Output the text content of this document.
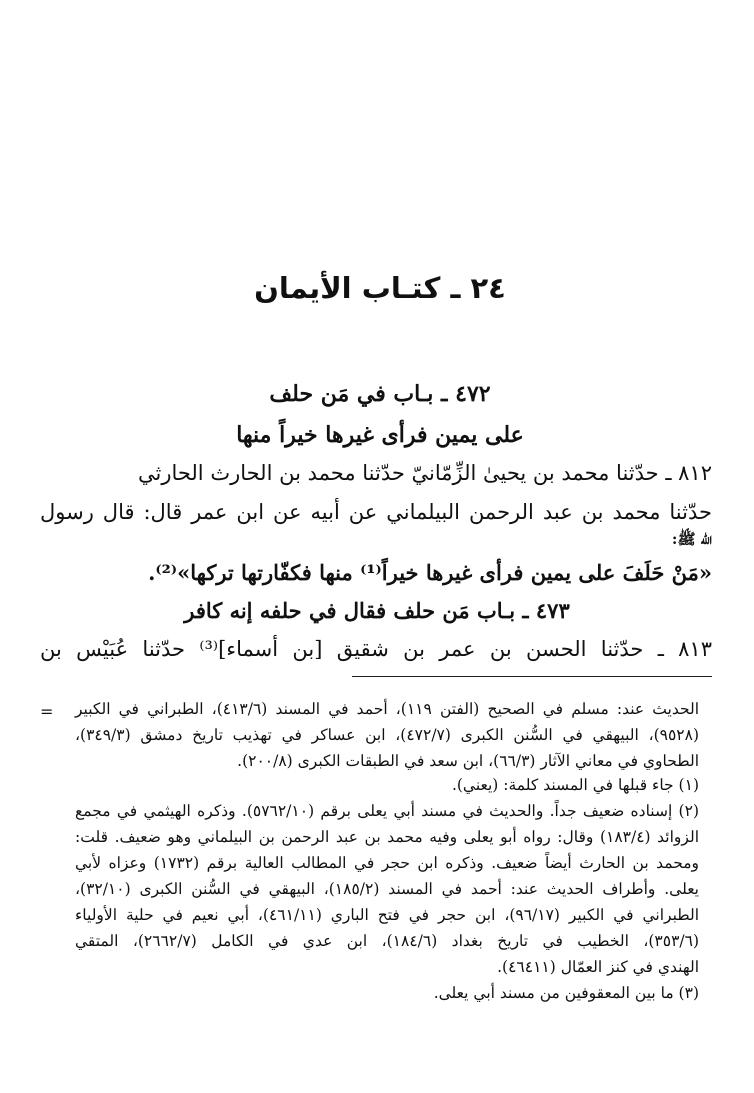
٢٤ ـ كتـاب الأيمان
٤٧٢ ـ بـاب في مَن حلف
على يمين فرأى غيرها خيراً منها
٨١٢ ـ حدّثنا محمد بن يحيىٰ الزِّمّانيّ حدّثنا محمد بن الحارث الحارثي
حدّثنا محمد بن عبد الرحمن البيلماني عن أبيه عن ابن عمر قال: قال رسول
الله ﷺ:
«مَنْ حَلَفَ على يمين فرأى غيرها خيراً⁽¹⁾ منها فكفّارتها تركها»⁽²⁾.
٤٧٣ ـ بـاب مَن حلف فقال في حلفه إنه كافر
٨١٣ ـ حدّثنا الحسن بن عمر بن شقيق [بن أسماء]⁽³⁾ حدّثنا عُبَيْس بن
= الحديث عند: مسلم في الصحيح (الفتن ١١٩)، أحمد في المسند (٤١٣/٦)، الطبراني في الكبير
(٩٥٢٨)، البيهقي في السُّنن الكبرى (٤٧٢/٧)، ابن عساكر في تهذيب تاريخ دمشق (٣٤٩/٣)،
الطحاوي في معاني الآثار (٦٦/٣)، ابن سعد في الطبقات الكبرى (٢٠٠/٨).
(١) جاء قبلها في المسند كلمة: (يعني).
(٢) إسناده ضعيف جداً. والحديث في مسند أبي يعلى برقم (٥٧٦٢/١٠). وذكره الهيثمي في مجمع
الزوائد (١٨٣/٤) وقال: رواه أبو يعلى وفيه محمد بن عبد الرحمن بن البيلماني وهو ضعيف. قلت:
ومحمد بن الحارث أيضاً ضعيف. وذكره ابن حجر في المطالب العالية برقم (١٧٣٢) وعزاه لأبي
يعلى. وأطراف الحديث عند: أحمد في المسند (١٨٥/٢)، البيهقي في السُّنن الكبرى (٣٢/١٠)،
الطبراني في الكبير (٩٦/١٧)، ابن حجر في فتح الباري (٤٦١/١١)، أبي نعيم في حلية الأولياء
(٣٥٣/٦)، الخطيب في تاريخ بغداد (١٨٤/٦)، ابن عدي في الكامل (٢٦٦٢/٧)، المتقي
الهندي في كنز العمّال (٤٦٤١١).
(٣) ما بين المعقوفين من مسند أبي يعلى.
